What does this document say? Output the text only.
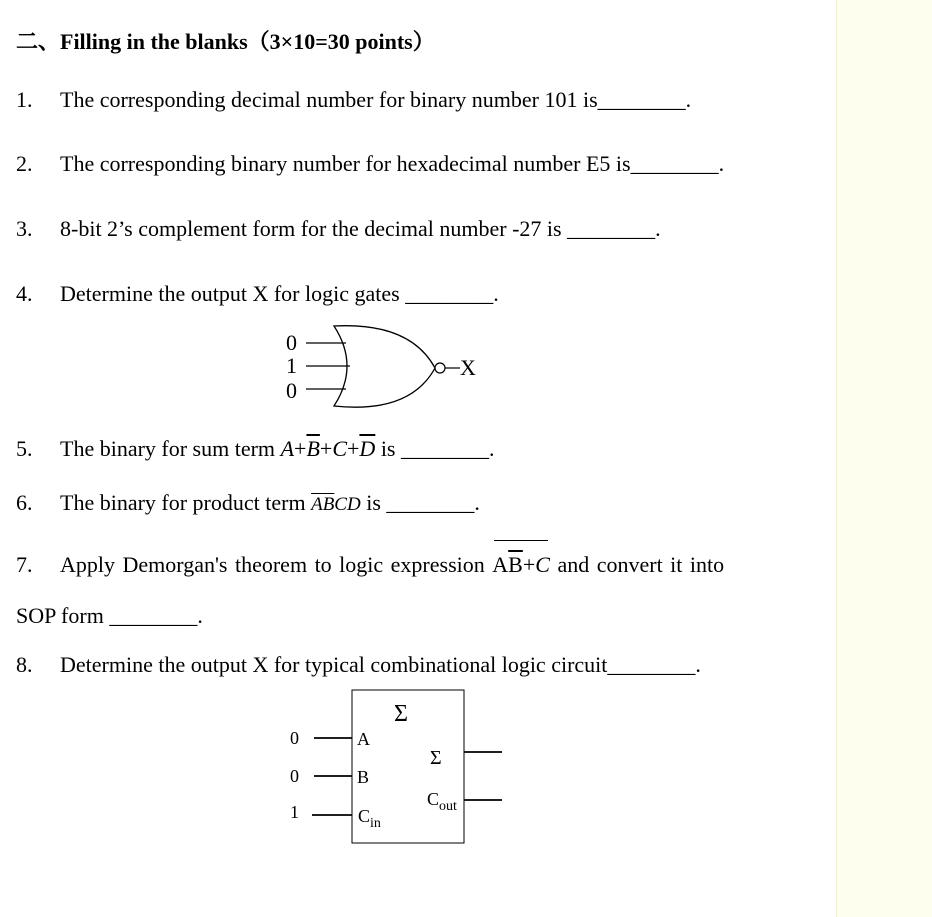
二、Filling in the blanks（3×10=30 points）
1. The corresponding decimal number for binary number 101 is________.
2. The corresponding binary number for hexadecimal number E5 is________.
3. 8-bit 2’s complement form for the decimal number -27 is ________.
4. Determine the output X for logic gates ________.
0
1
0
X
5. The binary for sum term $A+\overline{B}+C+\overline{D}$ is ________.
6. The binary for product term ABCD is ________.
7. Apply Demorgan's theorem to logic expression
$A\overline{B}+C$ and convert it into
SOP form ________.
8. Determine the output X for typical combinational logic circuit________.
Σ
0	A
0	B
1	$C_{in}$
Σ
$C_{out}$
